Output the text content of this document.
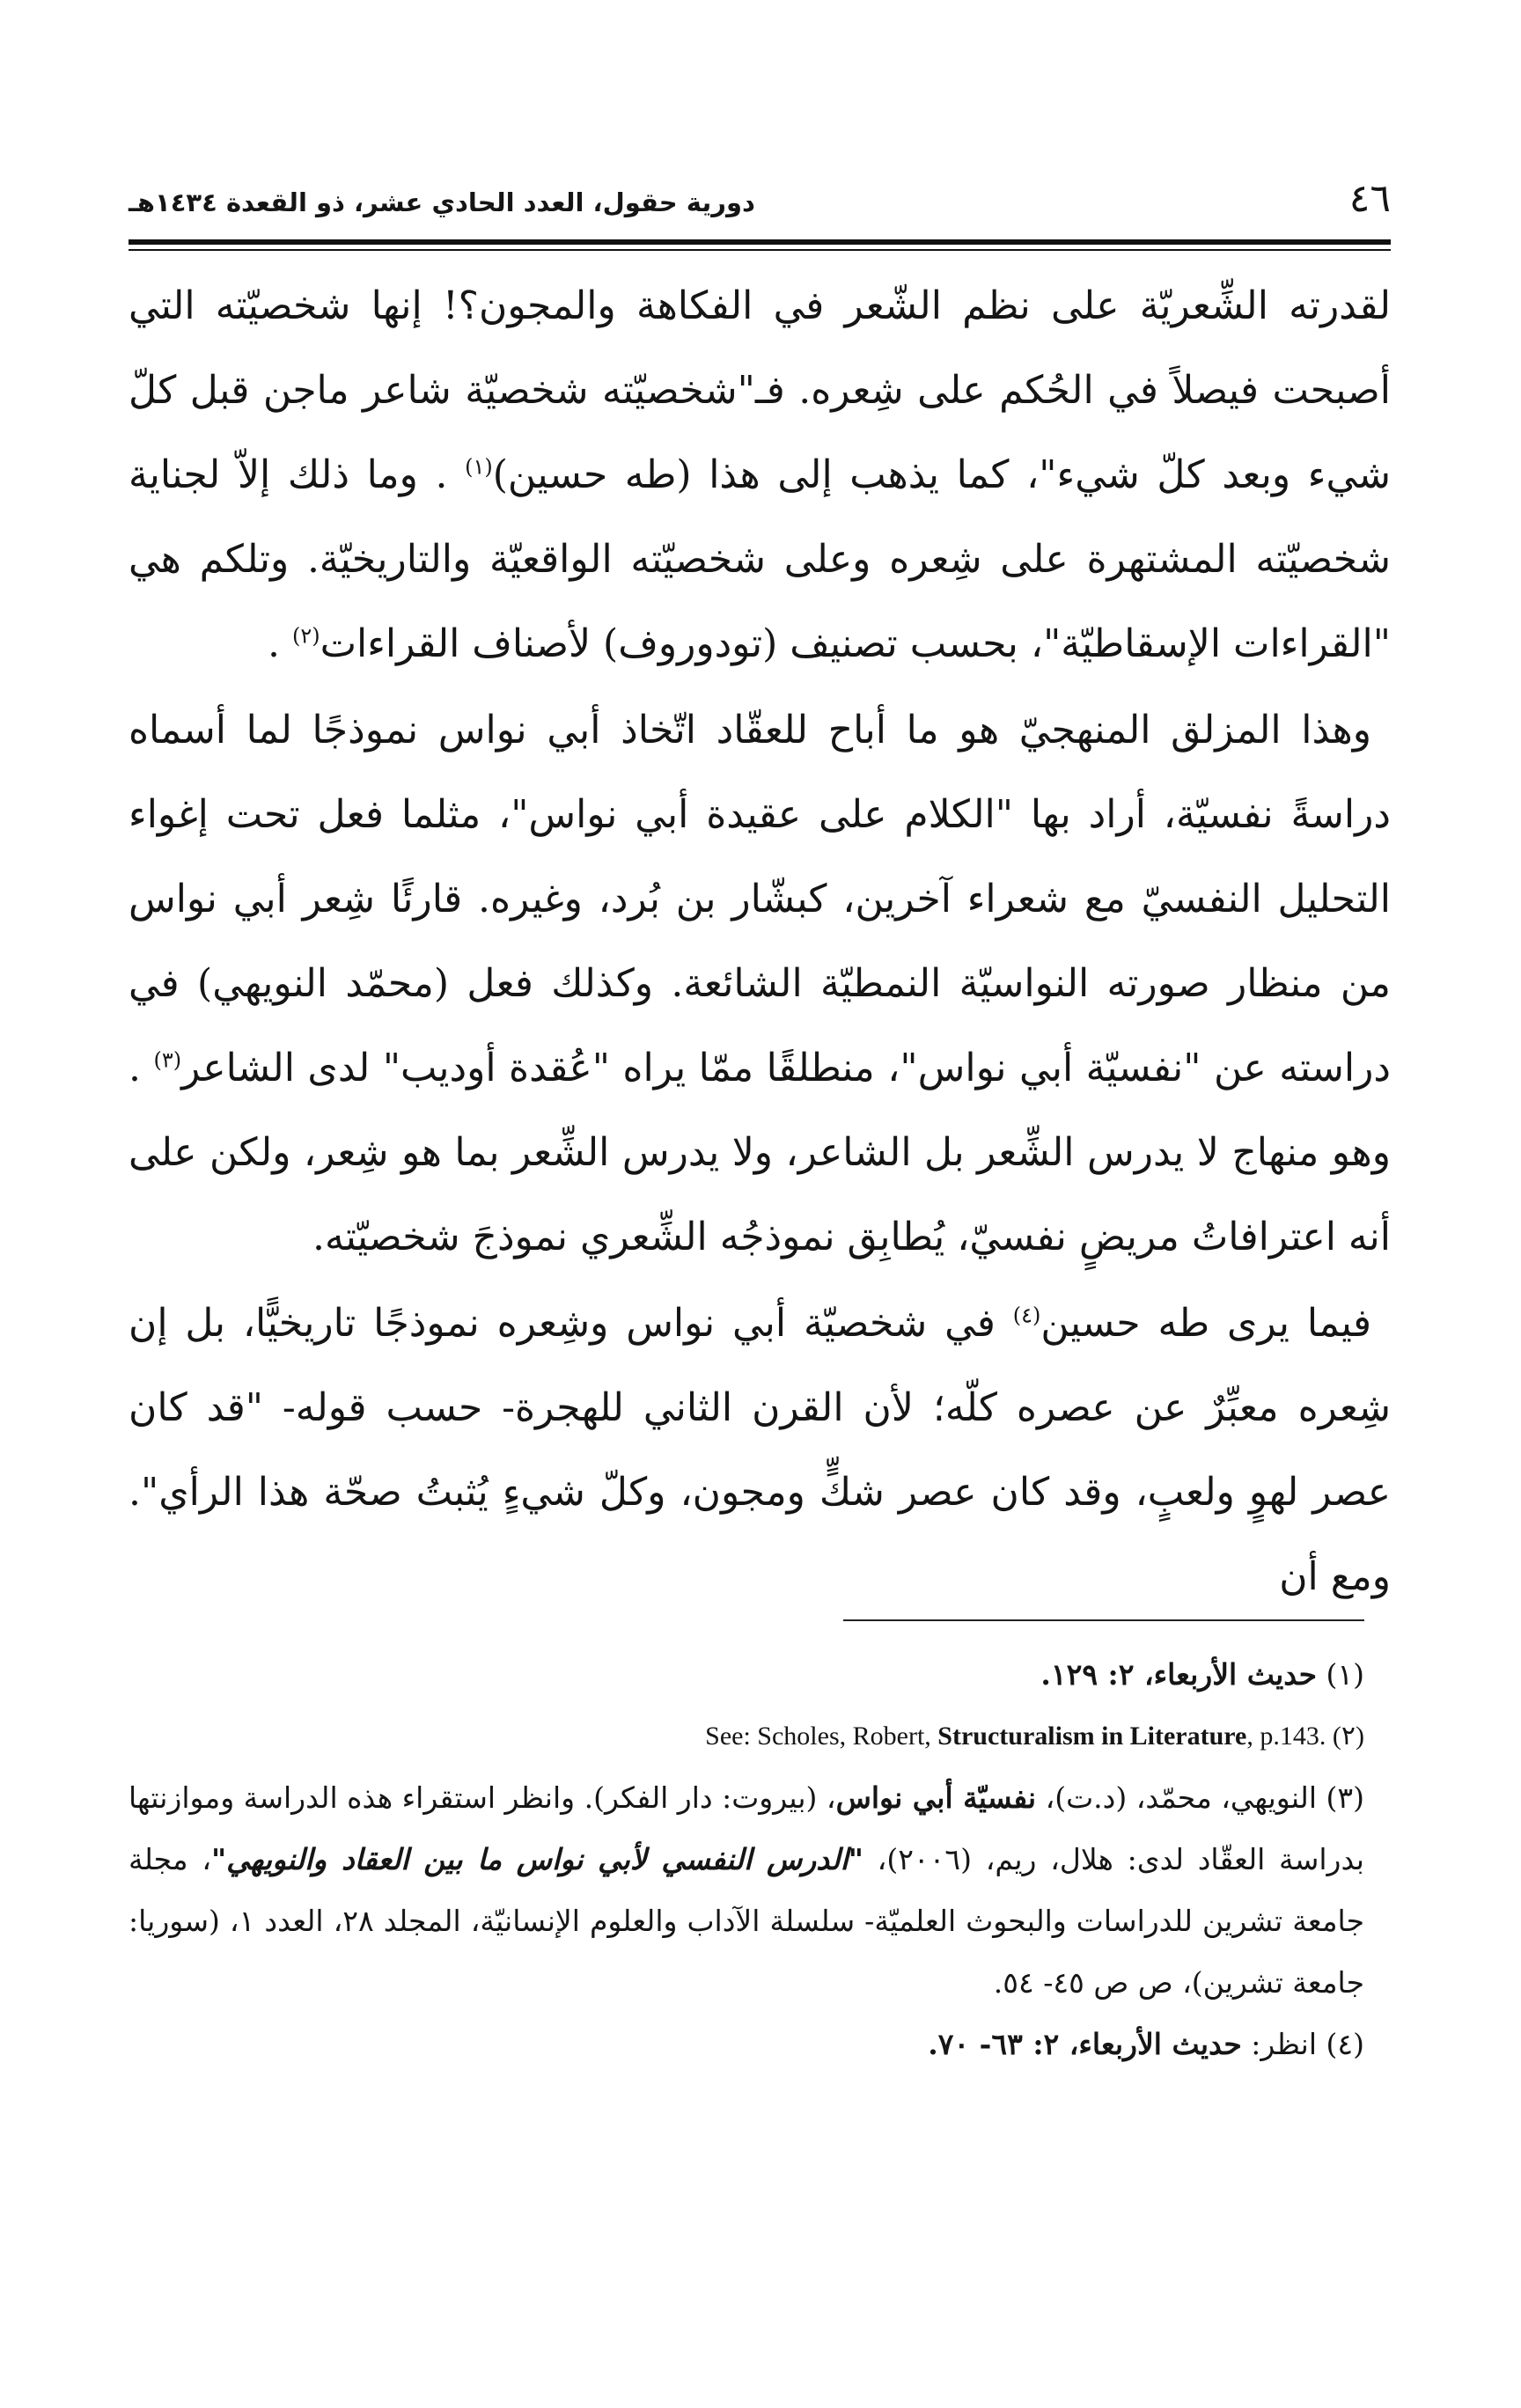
٤٦
دورية حقول، العدد الحادي عشر، ذو القعدة ١٤٣٤هـ

لقدرته الشِّعريّة على نظم الشّعر في الفكاهة والمجون؟! إنها شخصيّته التي أصبحت فيصلاً في الحُكم على شِعره. فـ"شخصيّته شخصيّة شاعر ماجن قبل كلّ شيء وبعد كلّ شيء"، كما يذهب إلى هذا (طه حسين)$^{(١)}$ . وما ذلك إلاّ لجناية شخصيّته المشتهرة على شِعره وعلى شخصيّته الواقعيّة والتاريخيّة. وتلكم هي "القراءات الإسقاطيّة"، بحسب تصنيف (تودوروف) لأصناف القراءات$^{(٢)}$ .

وهذا المزلق المنهجيّ هو ما أباح للعقّاد اتّخاذ أبي نواس نموذجًا لما أسماه دراسةً نفسيّة، أراد بها "الكلام على عقيدة أبي نواس"، مثلما فعل تحت إغواء التحليل النفسيّ مع شعراء آخرين، كبشّار بن بُرد، وغيره. قارئًا شِعر أبي نواس من منظار صورته النواسيّة النمطيّة الشائعة. وكذلك فعل (محمّد النويهي) في دراسته عن "نفسيّة أبي نواس"، منطلقًا ممّا يراه "عُقدة أوديب" لدى الشاعر$^{(٣)}$ . وهو منهاج لا يدرس الشِّعر بل الشاعر، ولا يدرس الشِّعر بما هو شِعر، ولكن على أنه اعترافاتُ مريضٍ نفسيّ، يُطابِق نموذجُه الشِّعري نموذجَ شخصيّته.

فيما يرى طه حسين$^{(٤)}$ في شخصيّة أبي نواس وشِعره نموذجًا تاريخيًّا، بل إن شِعره معبِّرٌ عن عصره كلّه؛ لأن القرن الثاني للهجرة- حسب قوله- "قد كان عصر لهوٍ ولعبٍ، وقد كان عصر شكٍّ ومجون، وكلّ شيءٍ يُثبتُ صحّة هذا الرأي". ومع أن

(١) حديث الأربعاء، ٢: ١٢٩.

See: Scholes, Robert, Structuralism in Literature, p.143. (٢)

(٣) النويهي، محمّد، (د.ت)، نفسيّة أبي نواس، (بيروت: دار الفكر). وانظر استقراء هذه الدراسة وموازنتها بدراسة العقّاد لدى: هلال، ريم، (٢٠٠٦)، "الدرس النفسي لأبي نواس ما بين العقاد والنويهي"، مجلة جامعة تشرين للدراسات والبحوث العلميّة- سلسلة الآداب والعلوم الإنسانيّة، المجلد ٢٨، العدد ١، (سوريا: جامعة تشرين)، ص ص ٤٥- ٥٤.

(٤) انظر: حديث الأربعاء، ٢: ٦٣- ٧٠.
